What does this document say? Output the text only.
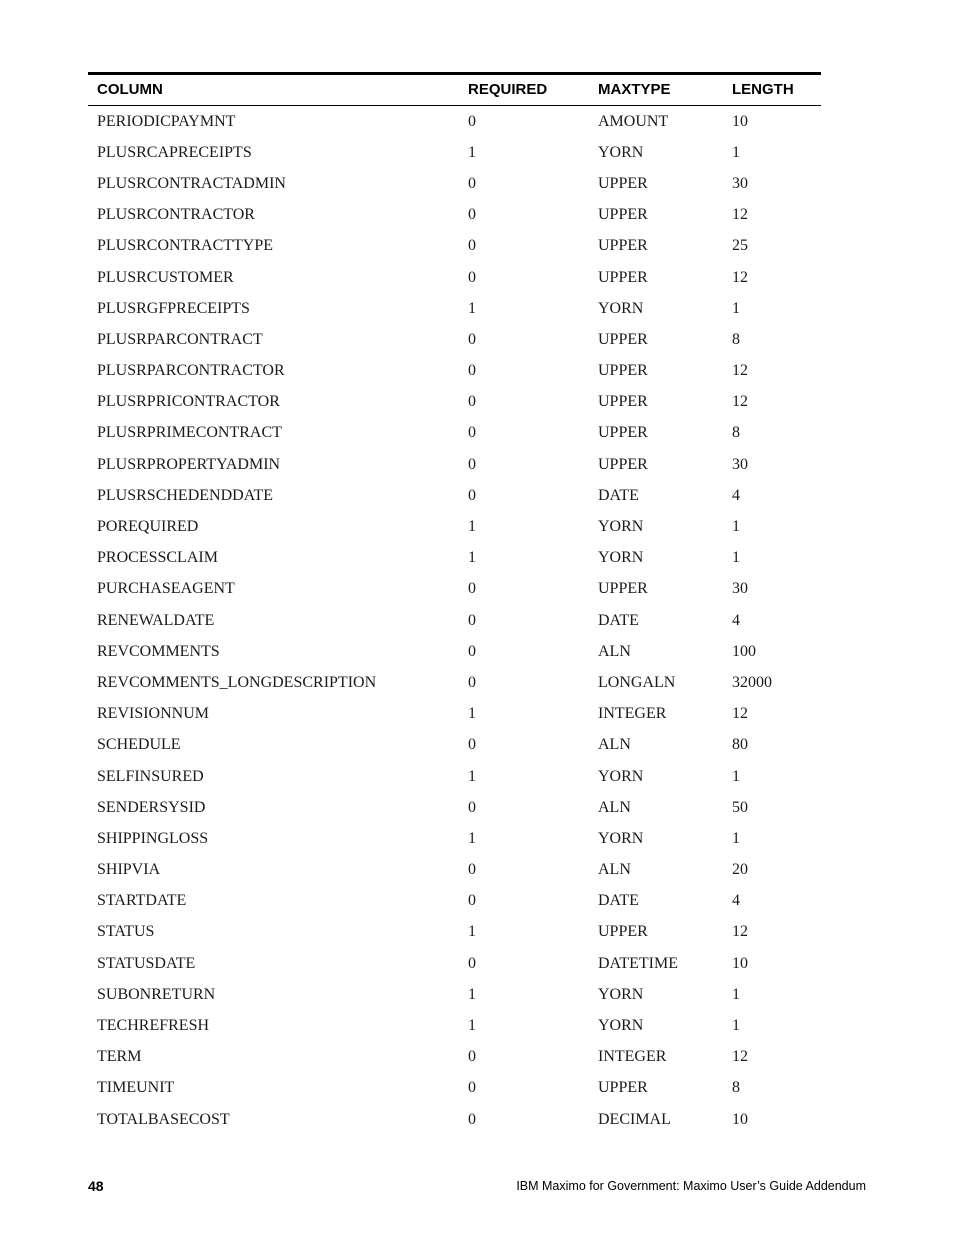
COLUMN	REQUIRED	MAXTYPE	LENGTH
PERIODICPAYMNT	0	AMOUNT	10
PLUSRCAPRECEIPTS	1	YORN	1
PLUSRCONTRACTADMIN	0	UPPER	30
PLUSRCONTRACTOR	0	UPPER	12
PLUSRCONTRACTTYPE	0	UPPER	25
PLUSRCUSTOMER	0	UPPER	12
PLUSRGFPRECEIPTS	1	YORN	1
PLUSRPARCONTRACT	0	UPPER	8
PLUSRPARCONTRACTOR	0	UPPER	12
PLUSRPRICONTRACTOR	0	UPPER	12
PLUSRPRIMECONTRACT	0	UPPER	8
PLUSRPROPERTYADMIN	0	UPPER	30
PLUSRSCHEDENDDATE	0	DATE	4
POREQUIRED	1	YORN	1
PROCESSCLAIM	1	YORN	1
PURCHASEAGENT	0	UPPER	30
RENEWALDATE	0	DATE	4
REVCOMMENTS	0	ALN	100
REVCOMMENTS_LONGDESCRIPTION	0	LONGALN	32000
REVISIONNUM	1	INTEGER	12
SCHEDULE	0	ALN	80
SELFINSURED	1	YORN	1
SENDERSYSID	0	ALN	50
SHIPPINGLOSS	1	YORN	1
SHIPVIA	0	ALN	20
STARTDATE	0	DATE	4
STATUS	1	UPPER	12
STATUSDATE	0	DATETIME	10
SUBONRETURN	1	YORN	1
TECHREFRESH	1	YORN	1
TERM	0	INTEGER	12
TIMEUNIT	0	UPPER	8
TOTALBASECOST	0	DECIMAL	10
48	IBM Maximo for Government: Maximo User’s Guide Addendum
